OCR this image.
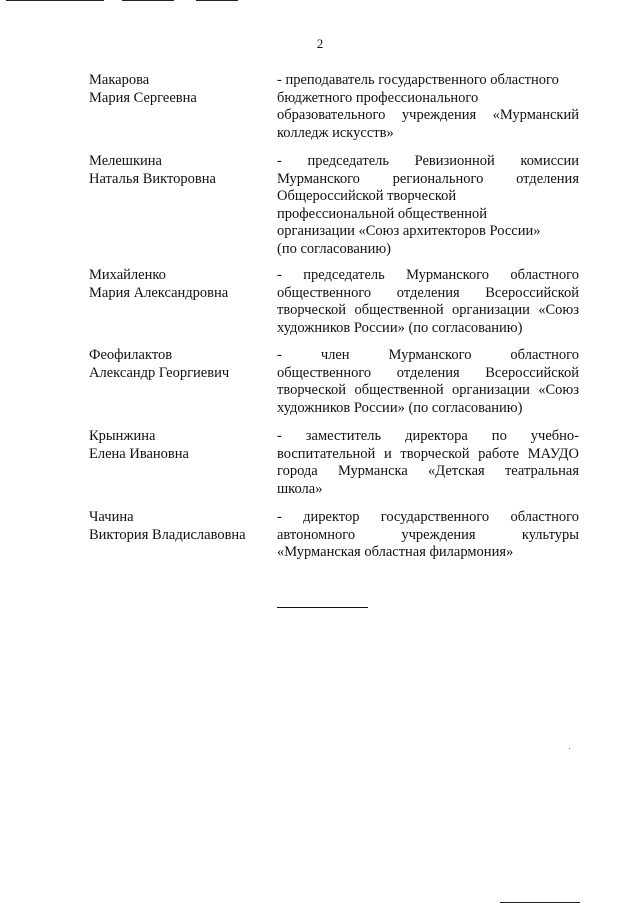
2
Макарова
Мария Сергеевна
- преподаватель государственного областного
бюджетного профессионального
образовательного учреждения «Мурманский
колледж искусств»
Мелешкина
Наталья Викторовна
- председатель Ревизионной комиссии
Мурманского регионального отделения
Общероссийской творческой
профессиональной общественной
организации «Союз архитекторов России»
(по согласованию)
Михайленко
Мария Александровна
- председатель Мурманского областного
общественного отделения Всероссийской
творческой общественной организации «Союз
художников России» (по согласованию)
Феофилактов
Александр Георгиевич
- член Мурманского областного
общественного отделения Всероссийской
творческой общественной организации «Союз
художников России» (по согласованию)
Крынжина
Елена Ивановна
- заместитель директора по учебно-
воспитательной и творческой работе МАУДО
города Мурманска «Детская театральная
школа»
Чачина
Виктория Владиславовна
- директор государственного областного
автономного учреждения культуры
«Мурманская областная филармония»
